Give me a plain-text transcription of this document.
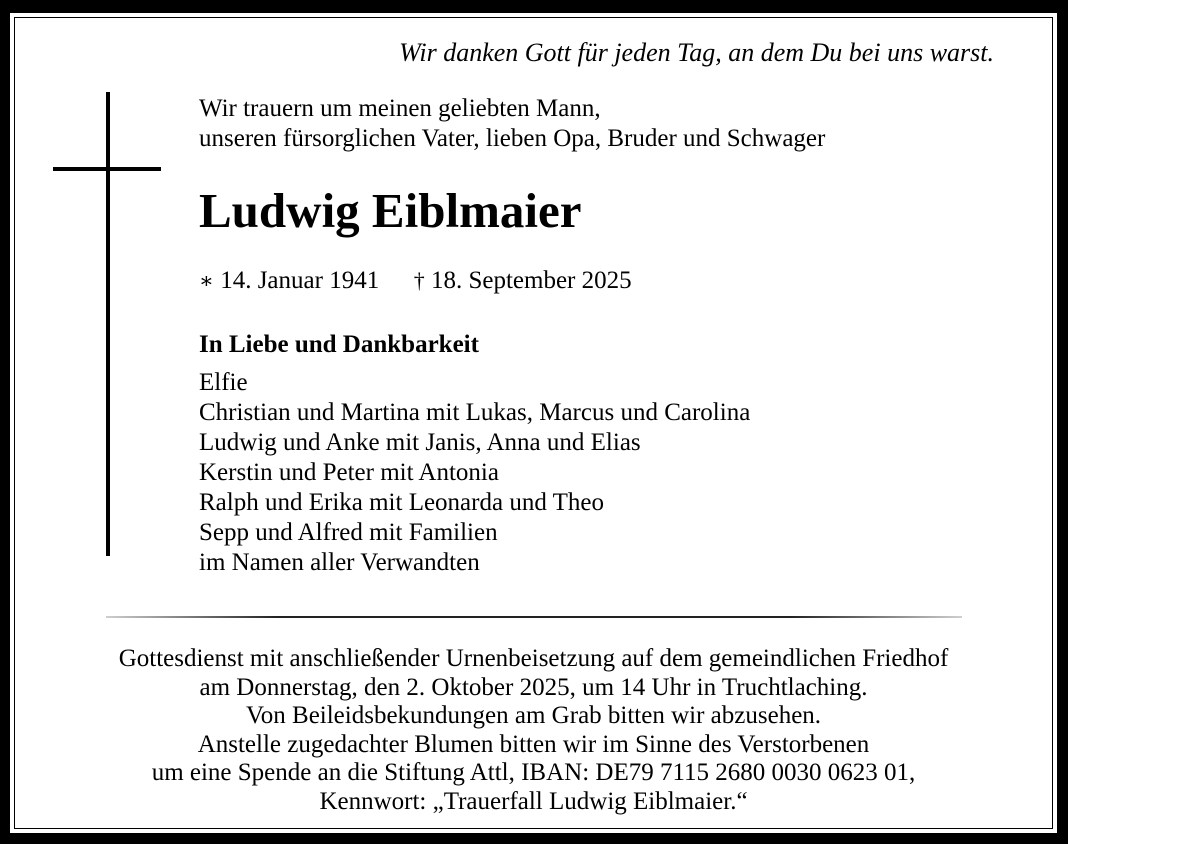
Wir danken Gott für jeden Tag, an dem Du bei uns warst.
Wir trauern um meinen geliebten Mann,
unseren fürsorglichen Vater, lieben Opa, Bruder und Schwager
Ludwig Eiblmaier
∗ 14. Januar 1941 † 18. September 2025
In Liebe und Dankbarkeit
Elfie
Christian und Martina mit Lukas, Marcus und Carolina
Ludwig und Anke mit Janis, Anna und Elias
Kerstin und Peter mit Antonia
Ralph und Erika mit Leonarda und Theo
Sepp und Alfred mit Familien
im Namen aller Verwandten
Gottesdienst mit anschließender Urnenbeisetzung auf dem gemeindlichen Friedhof
am Donnerstag, den 2. Oktober 2025, um 14 Uhr in Truchtlaching.
Von Beileidsbekundungen am Grab bitten wir abzusehen.
Anstelle zugedachter Blumen bitten wir im Sinne des Verstorbenen
um eine Spende an die Stiftung Attl, IBAN: DE79 7115 2680 0030 0623 01,
Kennwort: „Trauerfall Ludwig Eiblmaier.“
